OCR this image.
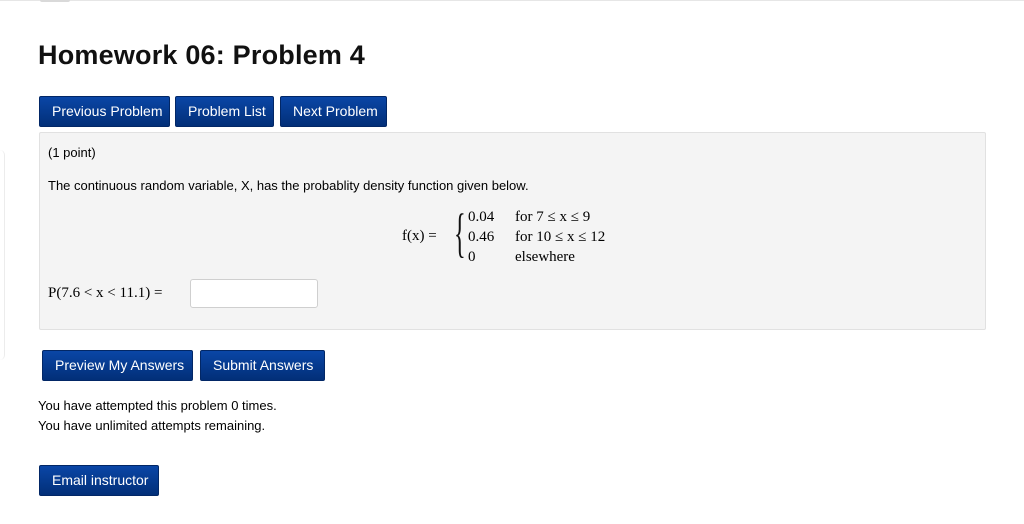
Homework 06: Problem 4
Previous Problem	Problem List	Next Problem
(1 point)
The continuous random variable, X, has the probablity density function given below.
f(x) = { 0.04	for 7 ≤ x ≤ 9
0.46	for 10 ≤ x ≤ 12
0	elsewhere
P(7.6 < x < 11.1) =
Preview My Answers	Submit Answers
You have attempted this problem 0 times.
You have unlimited attempts remaining.
Email instructor
